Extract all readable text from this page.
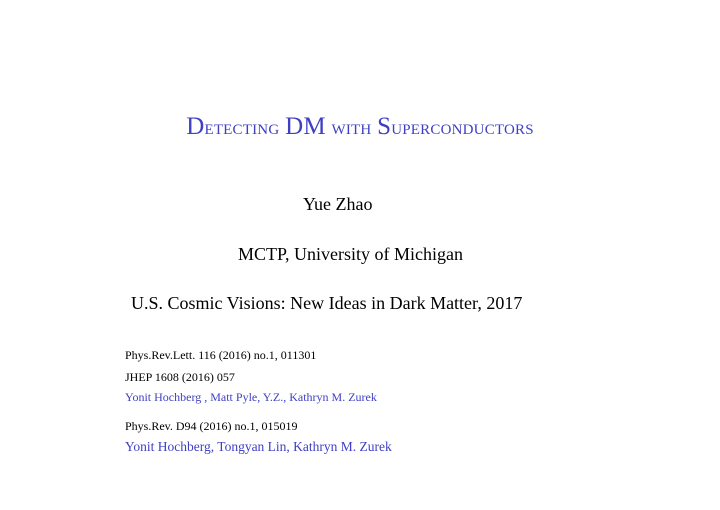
Detecting DM with Superconductors
Yue Zhao
MCTP, University of Michigan
U.S. Cosmic Visions: New Ideas in Dark Matter, 2017
Phys.Rev.Lett. 116 (2016) no.1, 011301
JHEP 1608 (2016) 057
Yonit Hochberg , Matt Pyle, Y.Z., Kathryn M. Zurek
Phys.Rev. D94 (2016) no.1, 015019
Yonit Hochberg, Tongyan Lin, Kathryn M. Zurek
